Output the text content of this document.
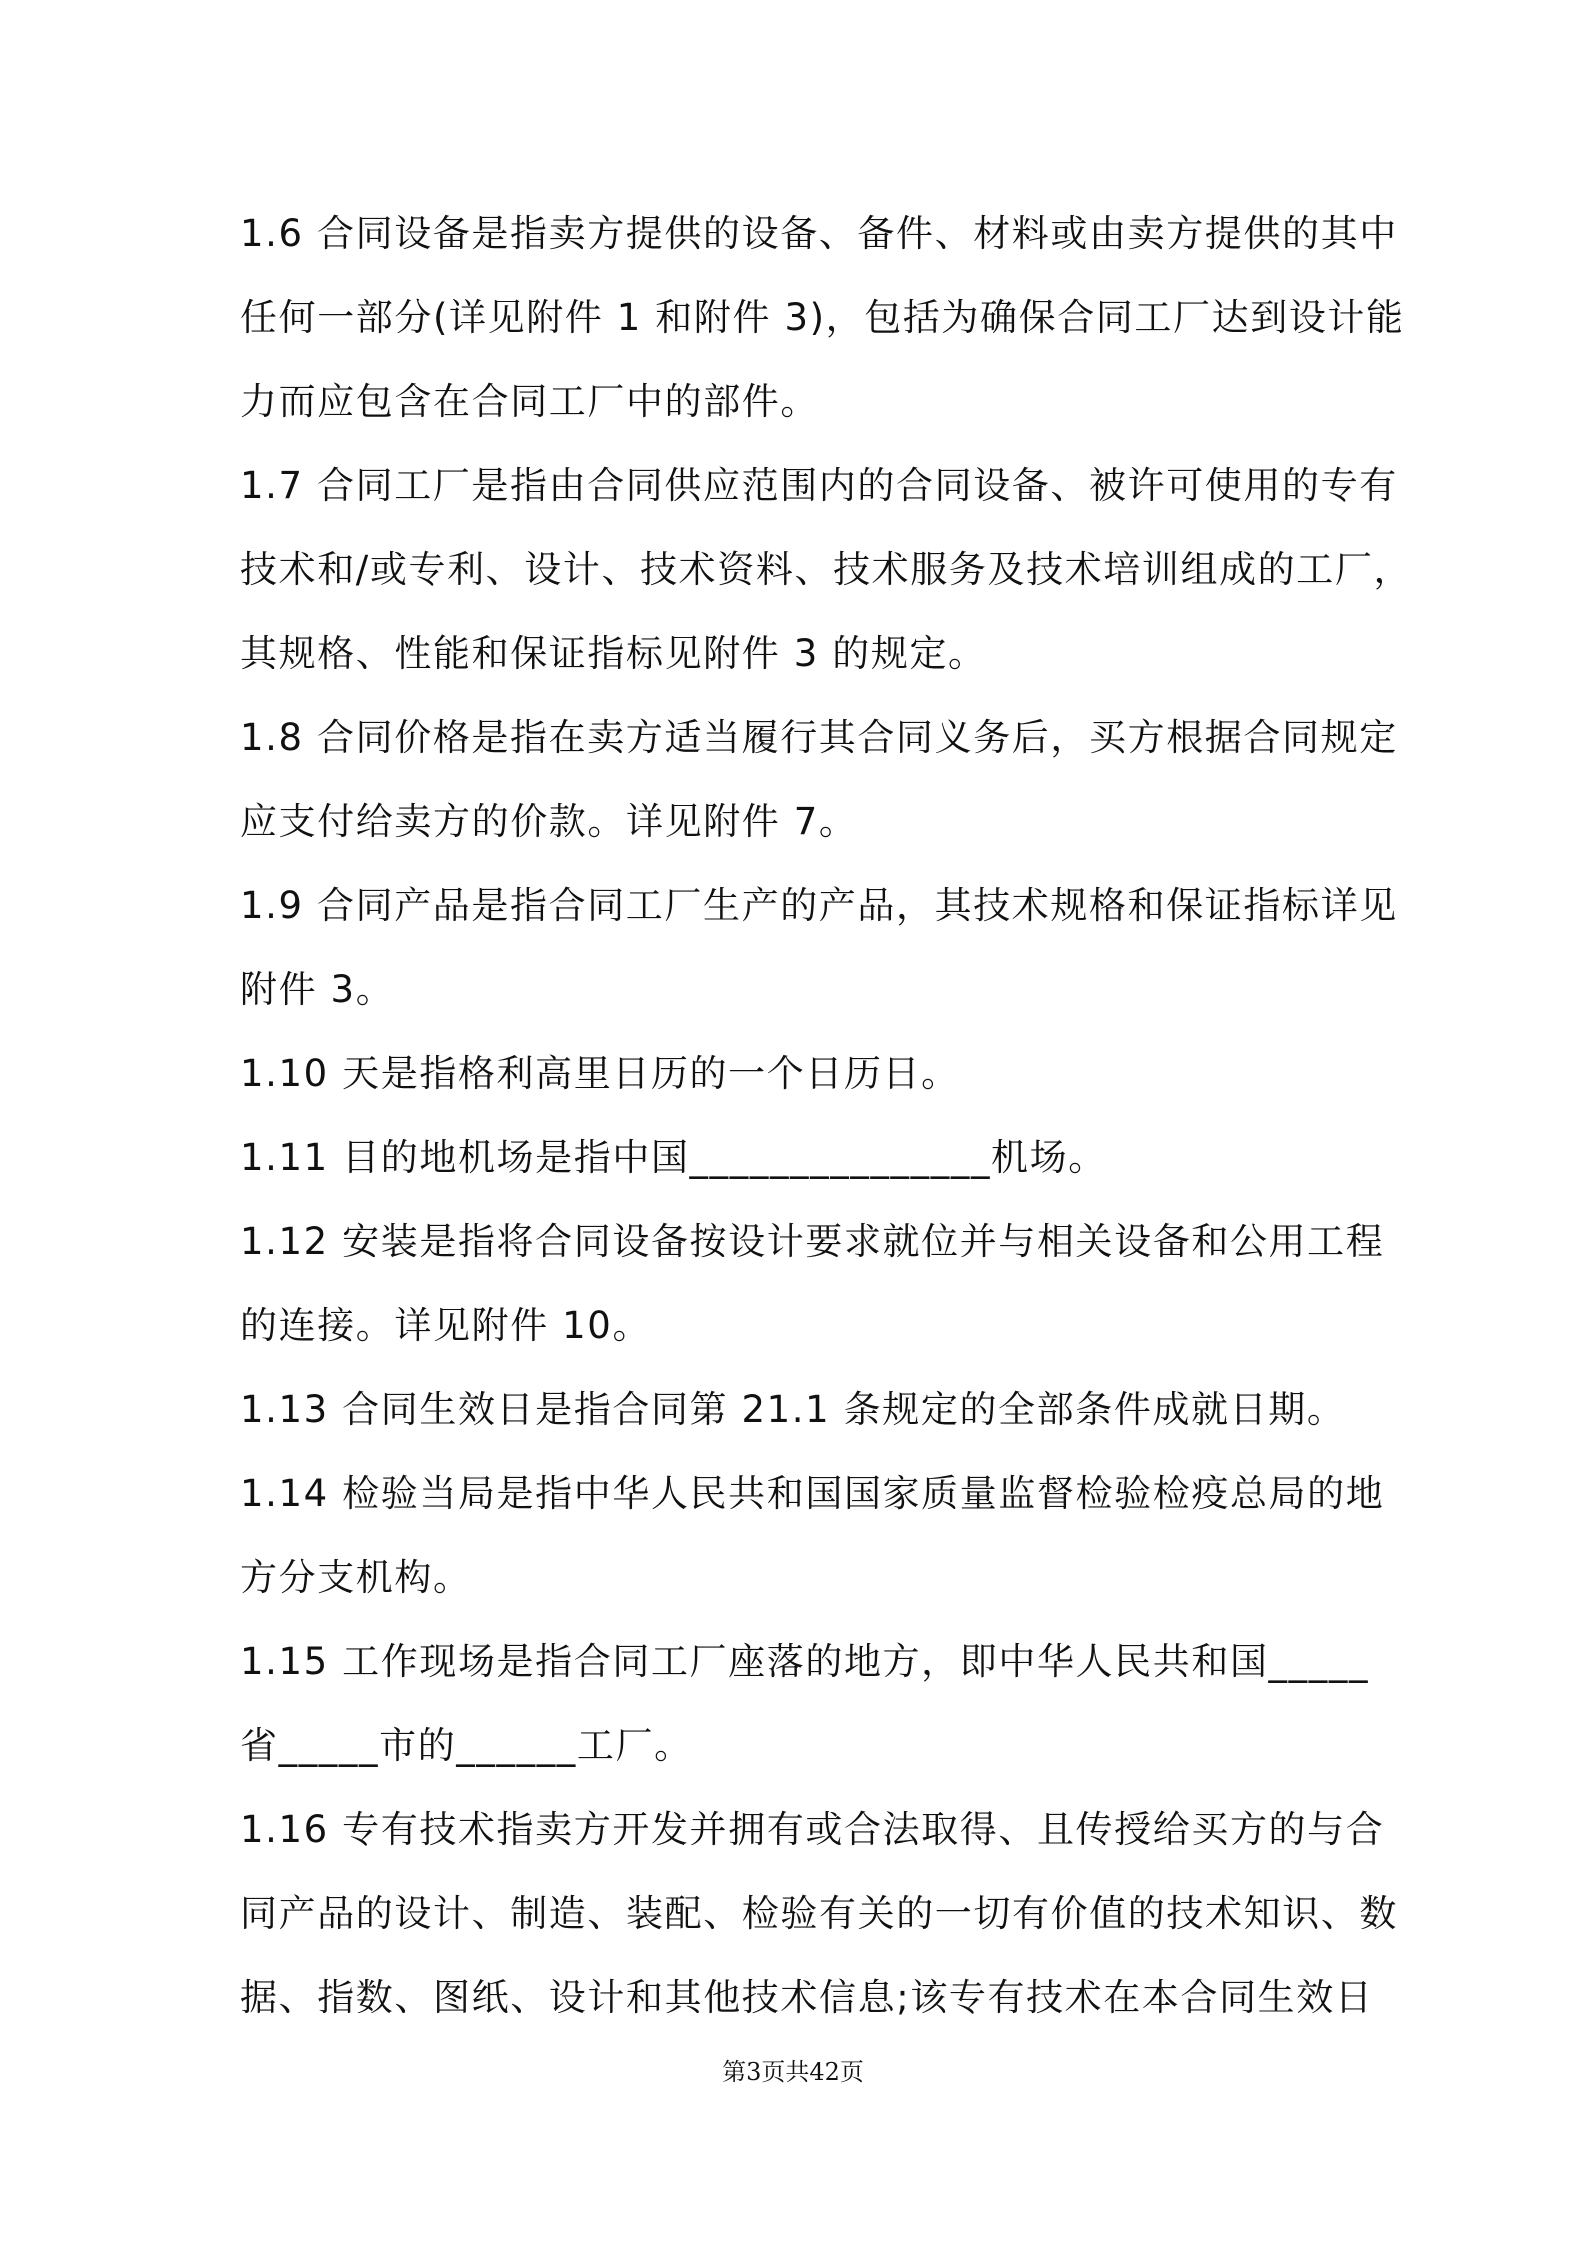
1.6 合同设备是指卖方提供的设备、备件、材料或由卖方提供的其中
任何一部分(详见附件 1 和附件 3)，包括为确保合同工厂达到设计能
力而应包含在合同工厂中的部件。
1.7 合同工厂是指由合同供应范围内的合同设备、被许可使用的专有
技术和/或专利、设计、技术资料、技术服务及技术培训组成的工厂，
其规格、性能和保证指标见附件 3 的规定。
1.8 合同价格是指在卖方适当履行其合同义务后，买方根据合同规定
应支付给卖方的价款。详见附件 7。
1.9 合同产品是指合同工厂生产的产品，其技术规格和保证指标详见
附件 3。
1.10 天是指格利高里日历的一个日历日。
1.11 目的地机场是指中国_______________机场。
1.12 安装是指将合同设备按设计要求就位并与相关设备和公用工程
的连接。详见附件 10。
1.13 合同生效日是指合同第 21.1 条规定的全部条件成就日期。
1.14 检验当局是指中华人民共和国国家质量监督检验检疫总局的地
方分支机构。
1.15 工作现场是指合同工厂座落的地方，即中华人民共和国_____
省_____市的______工厂。
1.16 专有技术指卖方开发并拥有或合法取得、且传授给买方的与合
同产品的设计、制造、装配、检验有关的一切有价值的技术知识、数
据、指数、图纸、设计和其他技术信息;该专有技术在本合同生效日
第3页共42页
